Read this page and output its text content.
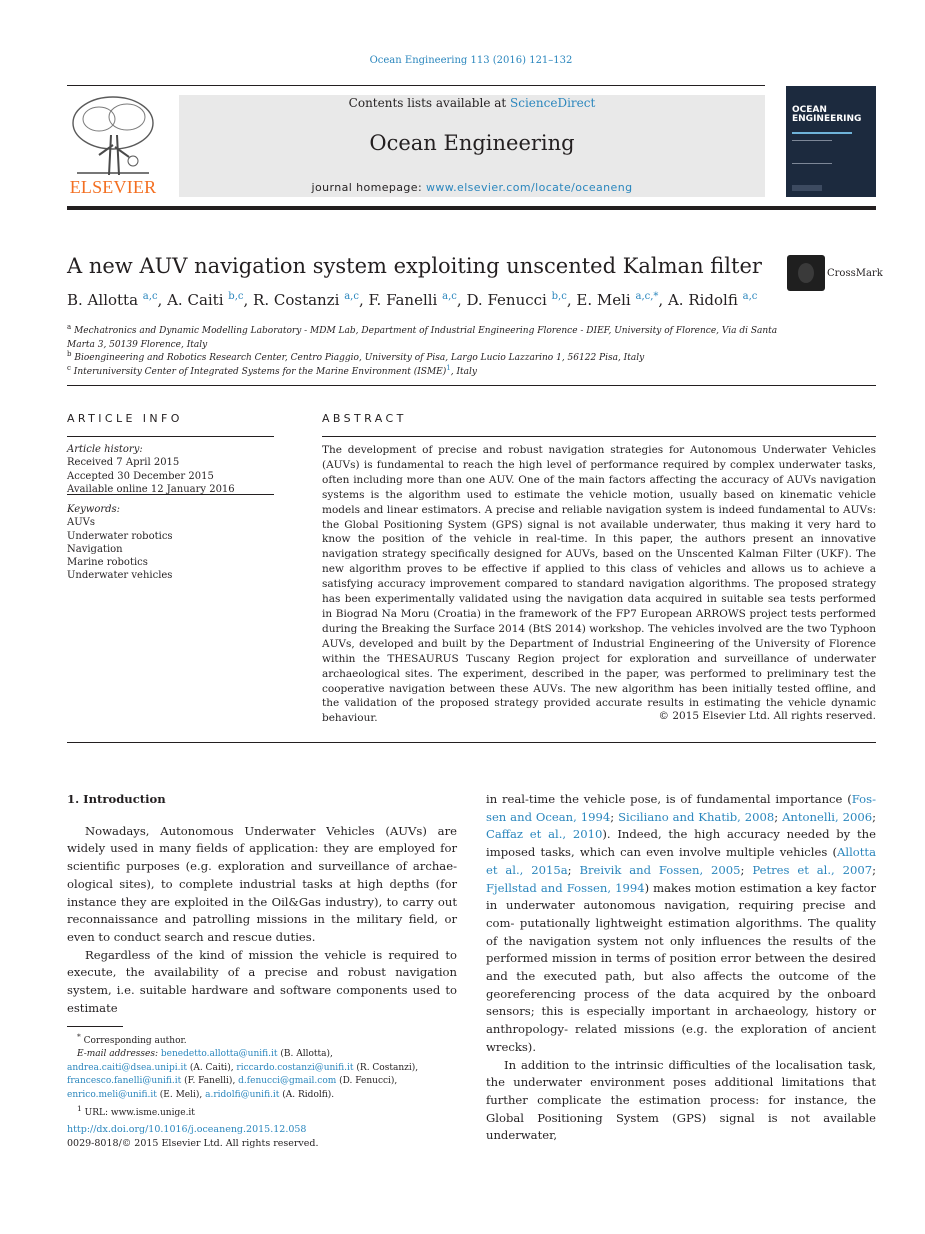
Ocean Engineering 113 (2016) 121–132
ELSEVIER
Contents lists available at ScienceDirect
Ocean Engineering
journal homepage: www.elsevier.com/locate/oceaneng
OCEAN
ENGINEERING
A new AUV navigation system exploiting unscented Kalman filter	CrossMark
B. Allotta $^{a,c}$, A. Caiti $^{b,c}$, R. Costanzi $^{a,c}$, F. Fanelli $^{a,c}$, D. Fenucci $^{b,c}$, E. Meli $^{a,c,*}$, A. Ridolfi $^{a,c}$
$^a$ Mechatronics and Dynamic Modelling Laboratory - MDM Lab, Department of Industrial Engineering Florence - DIEF, University of Florence, Via di Santa Marta 3, 50139 Florence, Italy
$^b$ Bioengineering and Robotics Research Center, Centro Piaggio, University of Pisa, Largo Lucio Lazzarino 1, 56122 Pisa, Italy
$^c$ Interuniversity Center of Integrated Systems for the Marine Environment (ISME)$^1$, Italy
ARTICLE INFO	ABSTRACT
Article history:
Received 7 April 2015
Accepted 30 December 2015
Available online 12 January 2016
Keywords:
AUVs
Underwater robotics
Navigation
Marine robotics
Underwater vehicles
The development of precise and robust navigation strategies for Autonomous Underwater Vehicles (AUVs) is fundamental to reach the high level of performance required by complex underwater tasks, often including more than one AUV. One of the main factors affecting the accuracy of AUVs navigation systems is the algorithm used to estimate the vehicle motion, usually based on kinematic vehicle models and linear estimators. A precise and reliable navigation system is indeed fundamental to AUVs: the Global Positioning System (GPS) signal is not available underwater, thus making it very hard to know the position of the vehicle in real-time. In this paper, the authors present an innovative navigation strategy specifically designed for AUVs, based on the Unscented Kalman Filter (UKF). The new algorithm proves to be effective if applied to this class of vehicles and allows us to achieve a satisfying accuracy improvement compared to standard navigation algorithms. The proposed strategy has been experimentally validated using the navigation data acquired in suitable sea tests performed in Biograd Na Moru (Croatia) in the framework of the FP7 European ARROWS project tests performed during the Breaking the Surface 2014 (BtS 2014) workshop. The vehicles involved are the two Typhoon AUVs, developed and built by the Department of Industrial Engineering of the University of Florence within the THESAURUS Tuscany Region project for exploration and surveillance of underwater archaeological sites. The experiment, described in the paper, was performed to preliminary test the cooperative navigation between these AUVs. The new algorithm has been initially tested offline, and the validation of the proposed strategy provided accurate results in estimating the vehicle dynamic behaviour.	© 2015 Elsevier Ltd. All rights reserved.
1. Introduction

Nowadays, Autonomous Underwater Vehicles (AUVs) are widely used in many fields of application: they are employed for scientific purposes (e.g. exploration and surveillance of archae- ological sites), to complete industrial tasks at high depths (for instance they are exploited in the Oil&Gas industry), to carry out reconnaissance and patrolling missions in the military field, or even to conduct search and rescue duties.

Regardless of the kind of mission the vehicle is required to execute, the availability of a precise and robust navigation system, i.e. suitable hardware and software components used to estimate

in real-time the vehicle pose, is of fundamental importance (Fos- sen and Ocean, 1994; Siciliano and Khatib, 2008; Antonelli, 2006; Caffaz et al., 2010). Indeed, the high accuracy needed by the imposed tasks, which can even involve multiple vehicles (Allotta et al., 2015a; Breivik and Fossen, 2005; Petres et al., 2007; Fjellstad and Fossen, 1994) makes motion estimation a key factor in underwater autonomous navigation, requiring precise and com- putationally lightweight estimation algorithms. The quality of the navigation system not only influences the results of the performed mission in terms of position error between the desired and the executed path, but also affects the outcome of the georeferencing process of the data acquired by the onboard sensors; this is especially important in archaeology, history or anthropology- related missions (e.g. the exploration of ancient wrecks).

In addition to the intrinsic difficulties of the localisation task, the underwater environment poses additional limitations that further complicate the estimation process: for instance, the Global Positioning System (GPS) signal is not available underwater,

* Corresponding author.
E-mail addresses: benedetto.allotta@unifi.it (B. Allotta),
andrea.caiti@dsea.unipi.it (A. Caiti), riccardo.costanzi@unifi.it (R. Costanzi),
francesco.fanelli@unifi.it (F. Fanelli), d.fenucci@gmail.com (D. Fenucci),
enrico.meli@unifi.it (E. Meli), a.ridolfi@unifi.it (A. Ridolfi).
$^1$ URL: www.isme.unige.it
http://dx.doi.org/10.1016/j.oceaneng.2015.12.058
0029-8018/© 2015 Elsevier Ltd. All rights reserved.
